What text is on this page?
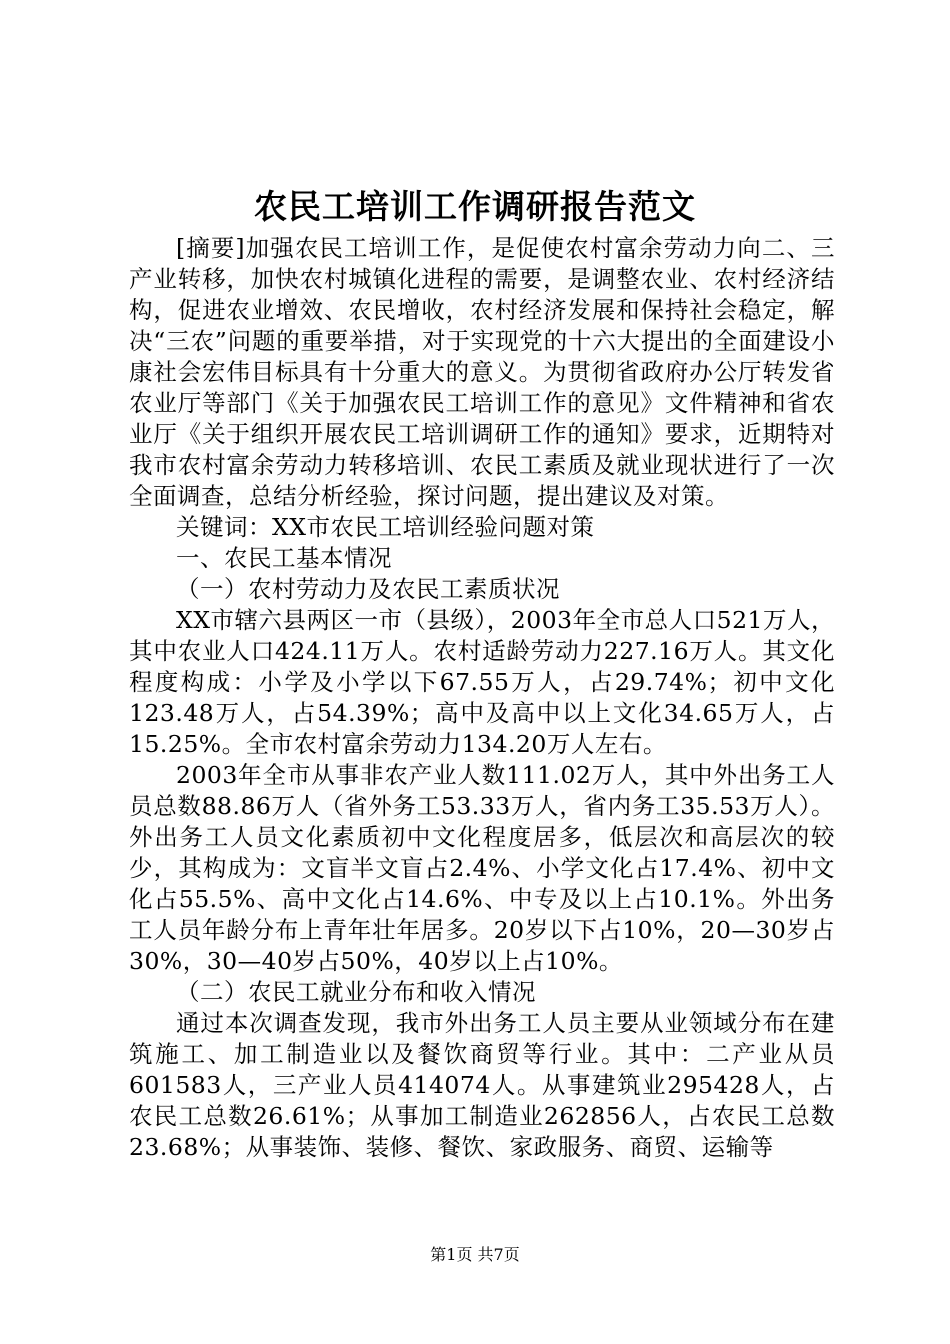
农民工培训工作调研报告范文

[摘要]加强农民工培训工作，是促使农村富余劳动力向二、三产业转移，加快农村城镇化进程的需要，是调整农业、农村经济结构，促进农业增效、农民增收，农村经济发展和保持社会稳定，解决“三农”问题的重要举措，对于实现党的十六大提出的全面建设小康社会宏伟目标具有十分重大的意义。为贯彻省政府办公厅转发省农业厅等部门《关于加强农民工培训工作的意见》文件精神和省农业厅《关于组织开展农民工培训调研工作的通知》要求，近期特对我市农村富余劳动力转移培训、农民工素质及就业现状进行了一次全面调查，总结分析经验，探讨问题，提出建议及对策。

关键词：XX市农民工培训经验问题对策

一、农民工基本情况

（一）农村劳动力及农民工素质状况

XX市辖六县两区一市（县级），2003年全市总人口521万人，其中农业人口424.11万人。农村适龄劳动力227.16万人。其文化程度构成：小学及小学以下67.55万人，占29.74%；初中文化123.48万人，占54.39%；高中及高中以上文化34.65万人，占15.25%。全市农村富余劳动力134.20万人左右。

2003年全市从事非农产业人数111.02万人，其中外出务工人员总数88.86万人（省外务工53.33万人，省内务工35.53万人）。外出务工人员文化素质初中文化程度居多，低层次和高层次的较少，其构成为：文盲半文盲占2.4%、小学文化占17.4%、初中文化占55.5%、高中文化占14.6%、中专及以上占10.1%。外出务工人员年龄分布上青年壮年居多。20岁以下占10%，20—30岁占30%，30—40岁占50%，40岁以上占10%。

（二）农民工就业分布和收入情况

通过本次调查发现，我市外出务工人员主要从业领域分布在建筑施工、加工制造业以及餐饮商贸等行业。其中：二产业从员601583人，三产业人员414074人。从事建筑业295428人，占农民工总数26.61%；从事加工制造业262856人，占农民工总数23.68%；从事装饰、装修、餐饮、家政服务、商贸、运输等

第1页 共7页
